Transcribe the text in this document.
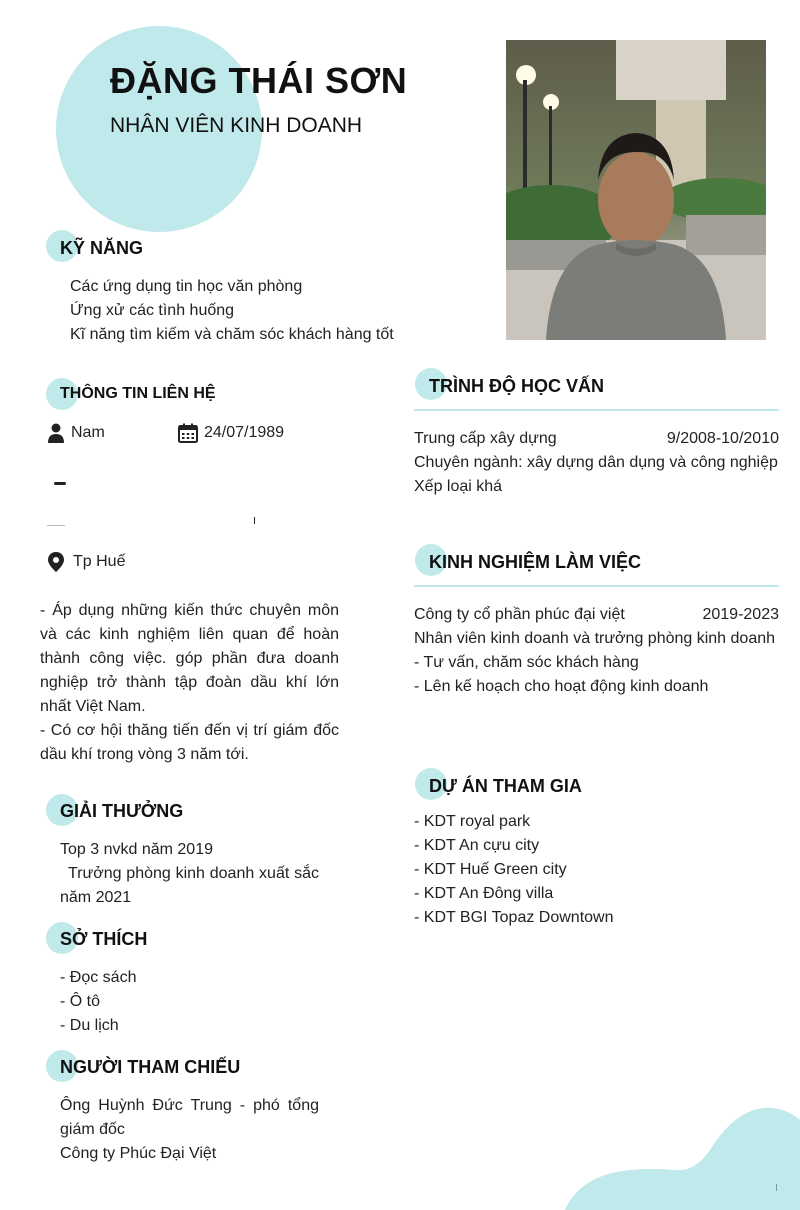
ĐẶNG THÁI SƠN
NHÂN VIÊN KINH DOANH
KỸ NĂNG
Các ứng dụng tin học văn phòng
Ứng xử các tình huống
Kĩ năng tìm kiếm và chăm sóc khách hàng tốt
THÔNG TIN LIÊN HỆ
Nam	24/07/1989
Tp Huế
- Áp dụng những kiến thức chuyên môn và các kinh nghiệm liên quan để hoàn thành công việc. góp phần đưa doanh nghiệp trở thành tập đoàn dầu khí lớn nhất Việt Nam.
- Có cơ hội thăng tiến đến vị trí giám đốc dầu khí trong vòng 3 năm tới.
GIẢI THƯỞNG
Top 3 nvkd năm 2019
Trưởng phòng kinh doanh xuất sắc năm 2021
SỞ THÍCH
- Đọc sách
- Ô tô
- Du lịch
NGƯỜI THAM CHIẾU
Ông Huỳnh Đức Trung - phó tổng giám đốc
Công ty Phúc Đại Việt
TRÌNH ĐỘ HỌC VẤN
Trung cấp xây dựng	9/2008-10/2010
Chuyên ngành: xây dựng dân dụng và công nghiệp
Xếp loại khá
KINH NGHIỆM LÀM VIỆC
Công ty cổ phần phúc đại việt	2019-2023
Nhân viên kinh doanh và trưởng phòng kinh doanh
- Tư vấn, chăm sóc khách hàng
- Lên kế hoạch cho hoạt động kinh doanh
DỰ ÁN THAM GIA
- KDT royal park
- KDT An cựu city
- KDT Huế Green city
- KDT An Đông villa
- KDT BGI Topaz Downtown
